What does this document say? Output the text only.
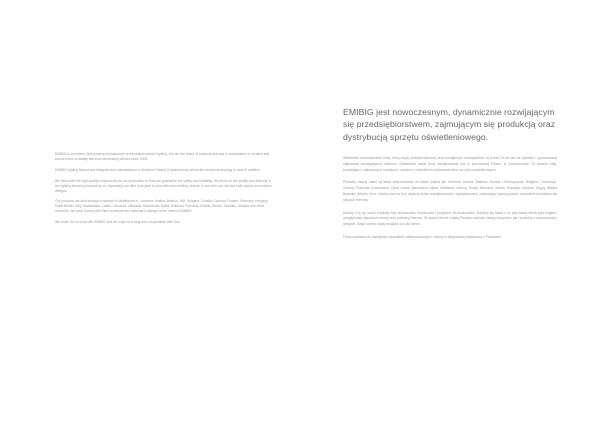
EMIBIG is a modern, fast-growing manufacturer of decorative interior lighting. We are the brand of products that due to combination of creative and wooden form to satisfy the most demanding desires since 2005.

EMIBIG lighting fixtures are designed and manufactured in Southern Poland (Częstochowa) where the newest technology is used in addition.

We hand-pick the high-quality components for our production so that can guarantee the safety and reliability. We focus on the quality and diversity of the lighting fixtures produced by us, expanding our offer from year to year with new exciting models. In our offer you will find both classic and modern designs.

Our products are sold through a network of distributors in : Armenia, Austria, Belarus, BIH, Bulgaria, Croatia, Czechia, Finland, Germany, Hungary, Great Britain, Italy, Kazakhstan, Latvia, Lithuania, Lithuania, Macedonia, Malta, Moldova, Romania, Russia, Serbia, Slovakia, Ukraine and other countries. We work closely with them to ensure the customer is always at the heart of EMIBIG.

We invite You to work with EMIBIG and we hope for a long-term cooperation with You!

EMIBIG jest nowoczesnym, dynamicznie rozwijającym się przedsiębiorstwem, zajmującym się produkcją oraz dystrybucją sprzętu oświetleniowego.

Wieloletnie doświadczenie firmy, którą dzięki profesjonalizmowi oraz kreatywnym rozwiązaniom od ponad 15 lat stoi na wysokim i ugruntowanej najbardziej wymagających klientów. Oświetlenie marki firmy zlokalizowanej jest w południowej Polsce, w Częstochowie. To właśnie tutaj, korzystając z najnowszych rozwiązań i zarazem z wieloletnim doświadczeniem na rynku oświetleniowym.

Produkty naszej marki są także eksportowane do takich krajów jak: Armenia, Austria, Białoruś, Bośnia i Hercegowina, Bułgaria, Chorwacja, Czechy, Finlandia, Kazachstan, Litwa, Łotwa, Macedonia, Malta, Mołdawia, Niemcy, Rosja, Rumunia, Serbia, Słowacja, Ukraina, Węgry, Wielka Brytania, Włochy i inne. Zależy nam na tym, abyśmy ściśle współpracowali z dystrybutorami, zachowując wysoką jakość wszystkich produktów dla naszych klientów.

Dbamy o to, by nasze produkty były niezawodne, bezpieczne i przyjazne dla środowiska. Staramy się także o to, aby nasza oferta była bogata i uwzględniała najnowsze trendy oraz potrzeby klientów. W naszej ofercie znajdą Państwo zarówno lampy klasyczne, jak i produkty o nowoczesnym designie, dzięki czemu każdy znajdzie coś dla siebie.

Firma zaprasza do współpracy wszystkich zainteresowanych i wierzy w długotrwałą współpracę z Państwem.
